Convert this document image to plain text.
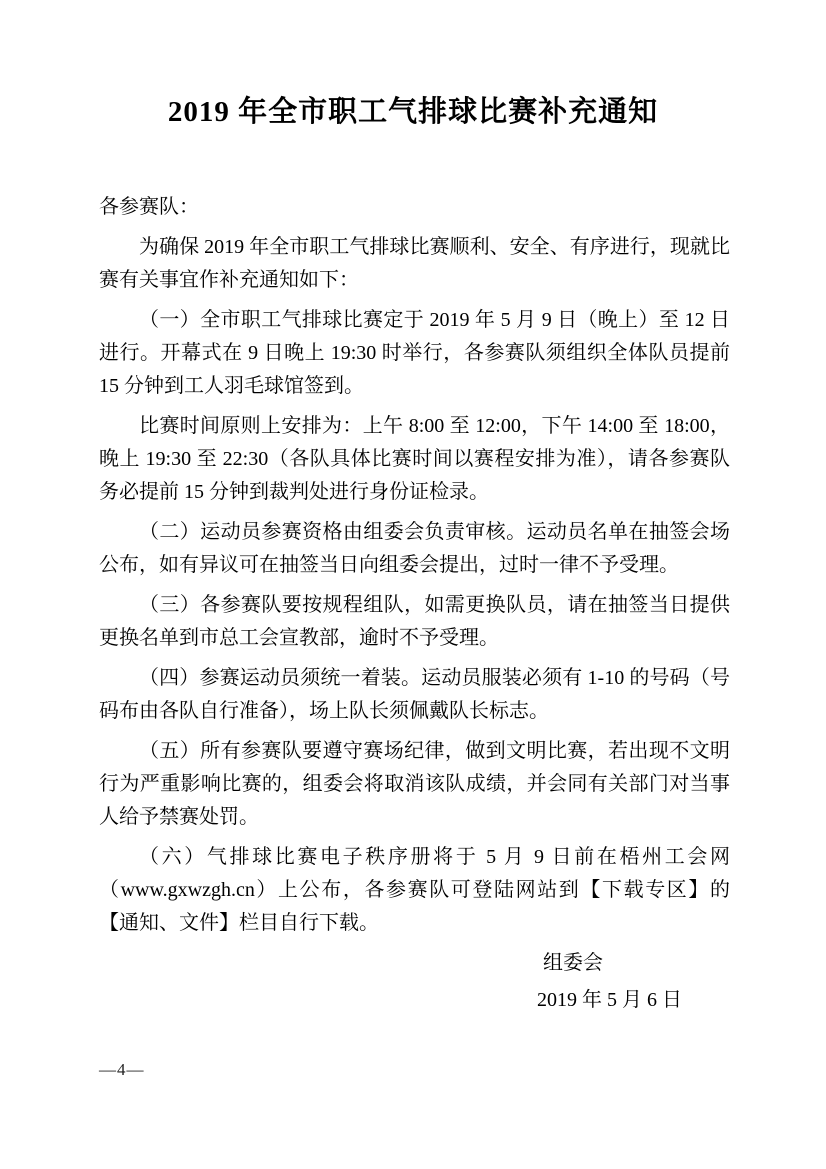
2019 年全市职工气排球比赛补充通知

各参赛队：

为确保 2019 年全市职工气排球比赛顺利、安全、有序进行，现就比赛有关事宜作补充通知如下：

（一）全市职工气排球比赛定于 2019 年 5 月 9 日（晚上）至 12 日进行。开幕式在 9 日晚上 19:30 时举行，各参赛队须组织全体队员提前 15 分钟到工人羽毛球馆签到。

比赛时间原则上安排为：上午 8:00 至 12:00，下午 14:00 至 18:00，晚上 19:30 至 22:30（各队具体比赛时间以赛程安排为准），请各参赛队务必提前 15 分钟到裁判处进行身份证检录。

（二）运动员参赛资格由组委会负责审核。运动员名单在抽签会场公布，如有异议可在抽签当日向组委会提出，过时一律不予受理。

（三）各参赛队要按规程组队，如需更换队员，请在抽签当日提供更换名单到市总工会宣教部，逾时不予受理。

（四）参赛运动员须统一着装。运动员服装必须有 1-10 的号码（号码布由各队自行准备），场上队长须佩戴队长标志。

（五）所有参赛队要遵守赛场纪律，做到文明比赛，若出现不文明行为严重影响比赛的，组委会将取消该队成绩，并会同有关部门对当事人给予禁赛处罚。

（六）气排球比赛电子秩序册将于 5 月 9 日前在梧州工会网（www.gxwzgh.cn）上公布，各参赛队可登陆网站到【下载专区】的【通知、文件】栏目自行下载。

组委会
2019 年 5 月 6 日
—4—
